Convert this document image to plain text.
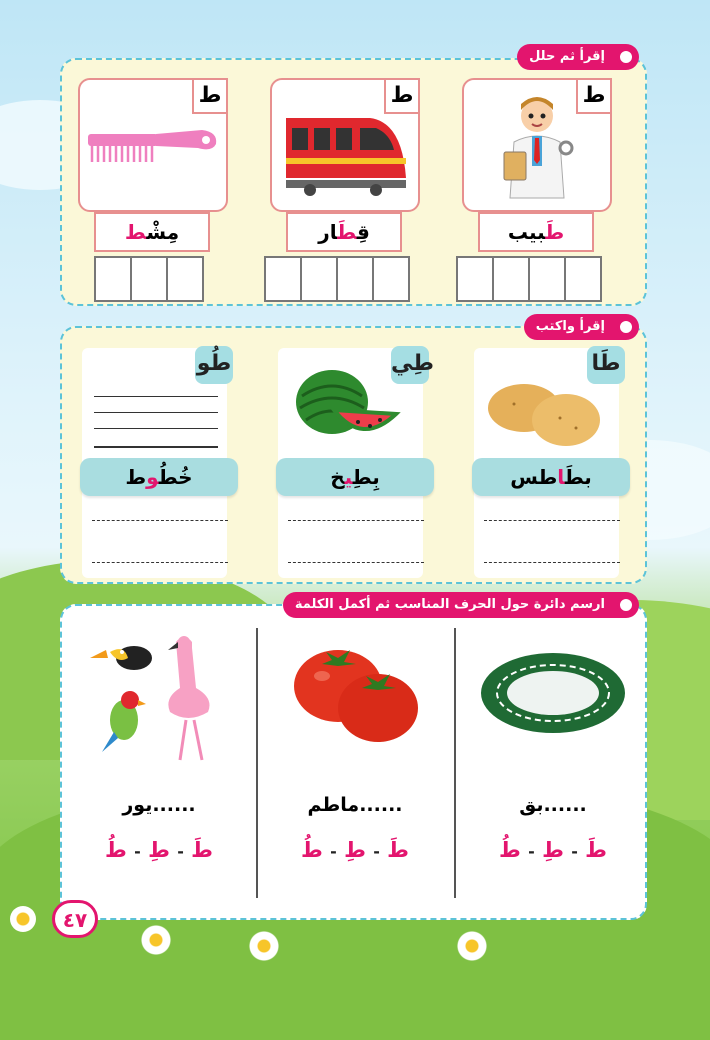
إقرأ ثم حلل
ط
طَبيب
ط
قِطَار
ط
مِشْط
إقرأ واكتب
طَا
بطَاطس
طِي
بِطِيخ
طُو
خُطُوط
ارسم دائرة حول الحرف المناسب ثم أكمل الكلمة
......بق
طَ - طِ - طُ
......ماطم
طَ - طِ - طُ
......يور
طَ - طِ - طُ
٤٧
